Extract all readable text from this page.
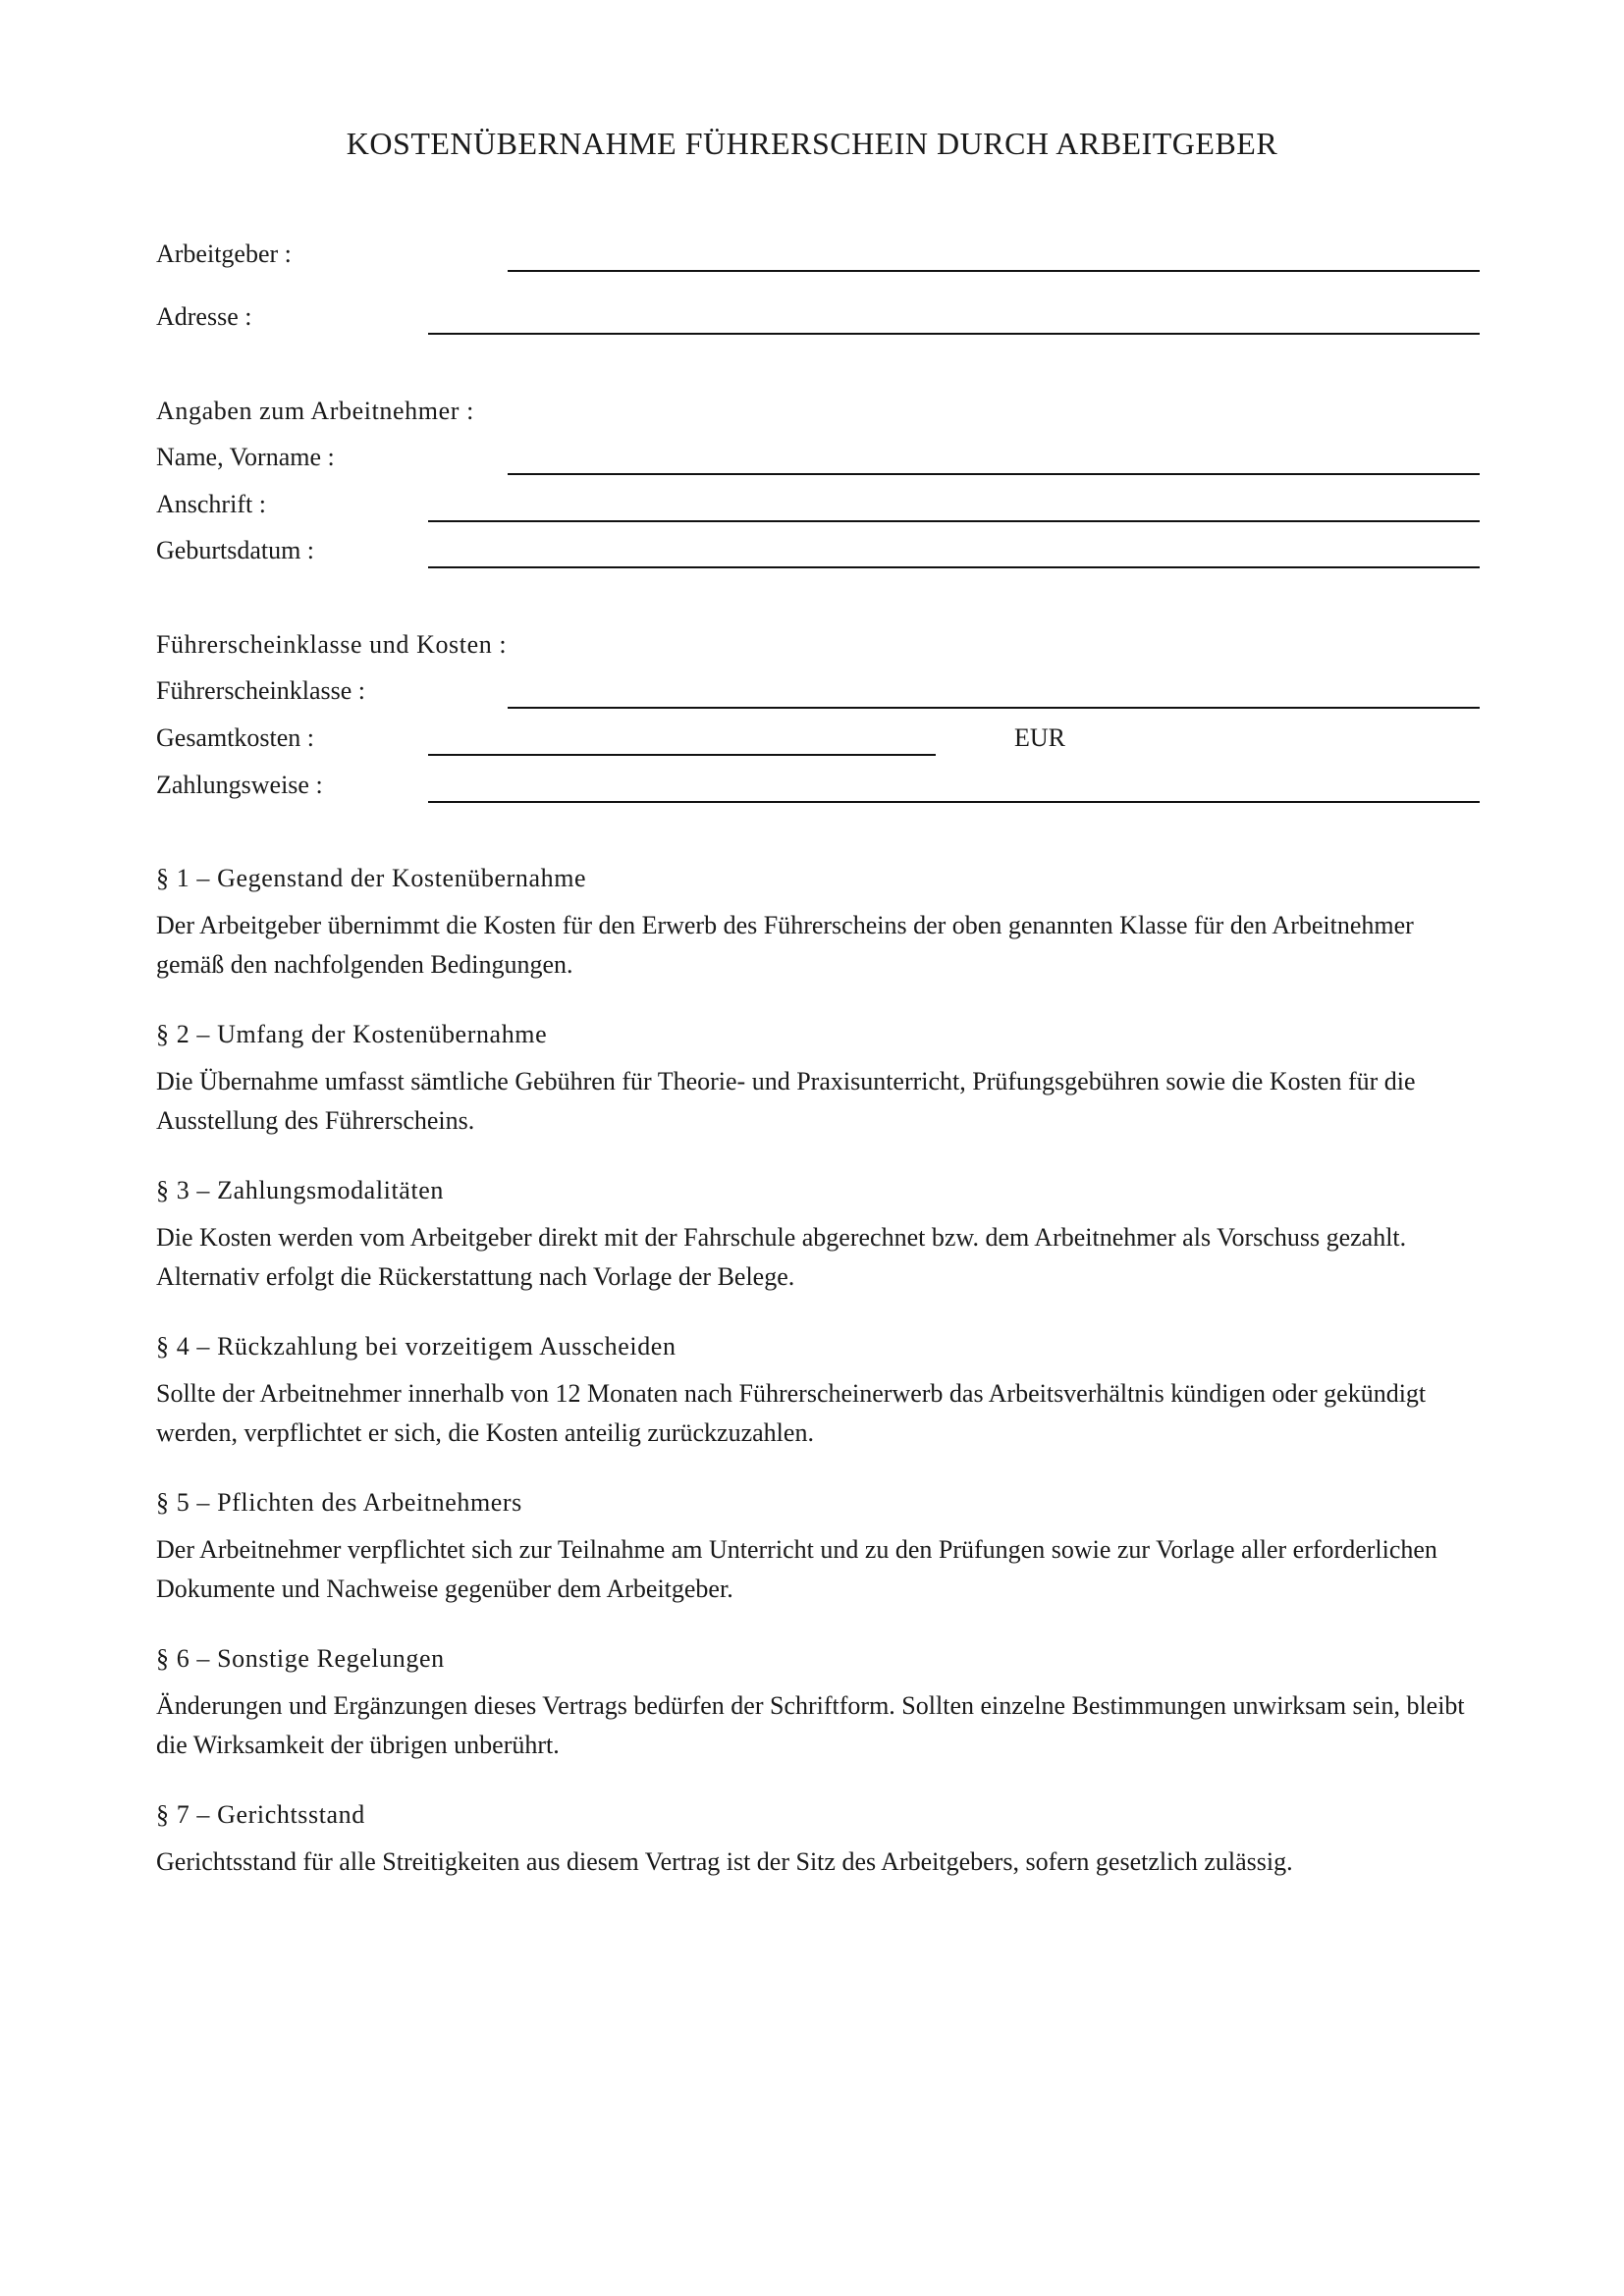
KOSTENÜBERNAHME FÜHRERSCHEIN DURCH ARBEITGEBER
Arbeitgeber :
Adresse :
Angaben zum Arbeitnehmer :
Name, Vorname :
Anschrift :
Geburtsdatum :
Führerscheinklasse und Kosten :
Führerscheinklasse :
Gesamtkosten :	EUR
Zahlungsweise :
§ 1 – Gegenstand der Kostenübernahme
Der Arbeitgeber übernimmt die Kosten für den Erwerb des Führerscheins der oben genannten Klasse für den Arbeitnehmer gemäß den nachfolgenden Bedingungen.
§ 2 – Umfang der Kostenübernahme
Die Übernahme umfasst sämtliche Gebühren für Theorie- und Praxisunterricht, Prüfungsgebühren sowie die Kosten für die Ausstellung des Führerscheins.
§ 3 – Zahlungsmodalitäten
Die Kosten werden vom Arbeitgeber direkt mit der Fahrschule abgerechnet bzw. dem Arbeitnehmer als Vorschuss gezahlt. Alternativ erfolgt die Rückerstattung nach Vorlage der Belege.
§ 4 – Rückzahlung bei vorzeitigem Ausscheiden
Sollte der Arbeitnehmer innerhalb von 12 Monaten nach Führerscheinerwerb das Arbeitsverhältnis kündigen oder gekündigt werden, verpflichtet er sich, die Kosten anteilig zurückzuzahlen.
§ 5 – Pflichten des Arbeitnehmers
Der Arbeitnehmer verpflichtet sich zur Teilnahme am Unterricht und zu den Prüfungen sowie zur Vorlage aller erforderlichen Dokumente und Nachweise gegenüber dem Arbeitgeber.
§ 6 – Sonstige Regelungen
Änderungen und Ergänzungen dieses Vertrags bedürfen der Schriftform. Sollten einzelne Bestimmungen unwirksam sein, bleibt die Wirksamkeit der übrigen unberührt.
§ 7 – Gerichtsstand
Gerichtsstand für alle Streitigkeiten aus diesem Vertrag ist der Sitz des Arbeitgebers, sofern gesetzlich zulässig.
